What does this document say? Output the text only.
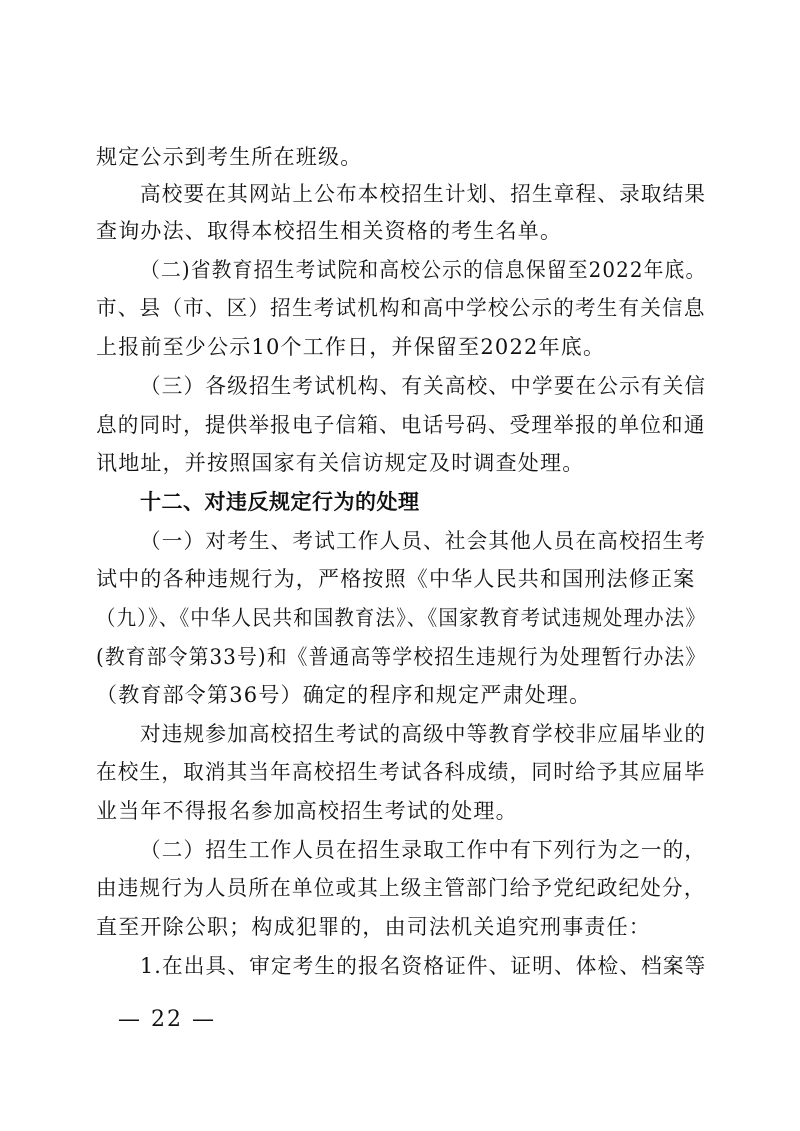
规定公示到考生所在班级。
高校要在其网站上公布本校招生计划、招生章程、录取结果
查询办法、取得本校招生相关资格的考生名单。
（二)省教育招生考试院和高校公示的信息保留至2022年底。
市、县（市、区）招生考试机构和高中学校公示的考生有关信息
上报前至少公示10个工作日，并保留至2022年底。
（三）各级招生考试机构、有关高校、中学要在公示有关信
息的同时，提供举报电子信箱、电话号码、受理举报的单位和通
讯地址，并按照国家有关信访规定及时调查处理。
十二、对违反规定行为的处理
（一）对考生、考试工作人员、社会其他人员在高校招生考
试中的各种违规行为，严格按照《中华人民共和国刑法修正案
（九）》、《中华人民共和国教育法》、《国家教育考试违规处理办法》
(教育部令第33号)和《普通高等学校招生违规行为处理暂行办法》
（教育部令第36号）确定的程序和规定严肃处理。
对违规参加高校招生考试的高级中等教育学校非应届毕业的
在校生，取消其当年高校招生考试各科成绩，同时给予其应届毕
业当年不得报名参加高校招生考试的处理。
（二）招生工作人员在招生录取工作中有下列行为之一的，
由违规行为人员所在单位或其上级主管部门给予党纪政纪处分，
直至开除公职；构成犯罪的，由司法机关追究刑事责任：
1.在出具、审定考生的报名资格证件、证明、体检、档案等
— 22 —
